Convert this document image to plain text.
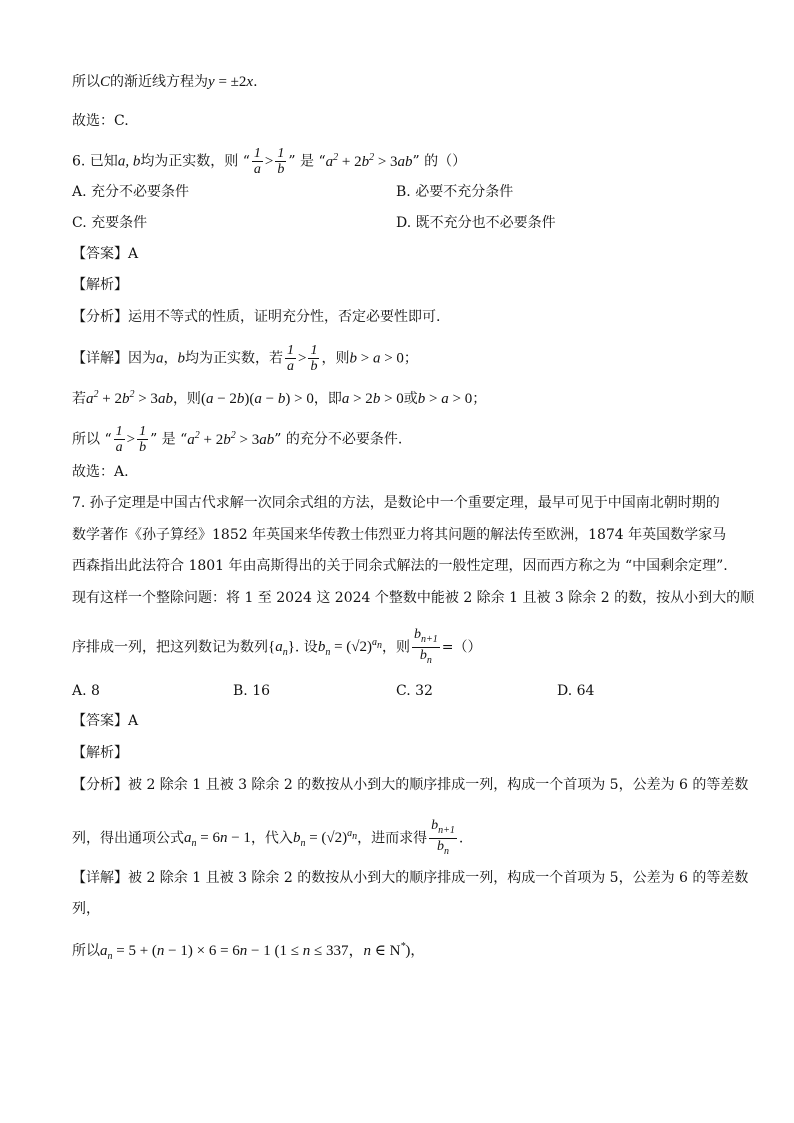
所以C的渐近线方程为y = ±2x.
故选：C.
6. 已知a, b均为正实数，则 “ $\frac{1}{a} > \frac{1}{b}$ ” 是 “$a^2 + 2b^2 > 3ab$” 的（）
A. 充分不必要条件	B. 必要不充分条件
C. 充要条件	D. 既不充分也不必要条件
【答案】A
【解析】
【分析】运用不等式的性质，证明充分性，否定必要性即可.
【详解】因为a，b均为正实数，若 $\frac{1}{a} > \frac{1}{b}$ ，则b > a > 0；
若$a^2 + 2b^2 > 3ab$，则(a − 2b)(a − b) > 0，即a > 2b > 0或b > a > 0；
所以 “ $\frac{1}{a} > \frac{1}{b}$ ” 是 “$a^2 + 2b^2 > 3ab$” 的充分不必要条件.
故选：A.
7. 孙子定理是中国古代求解一次同余式组的方法，是数论中一个重要定理，最早可见于中国南北朝时期的
数学著作《孙子算经》1852 年英国来华传教士伟烈亚力将其问题的解法传至欧洲，1874 年英国数学家马
西森指出此法符合 1801 年由高斯得出的关于同余式解法的一般性定理，因而西方称之为 “中国剩余定理”.
现有这样一个整除问题：将 1 至 2024 这 2024 个整数中能被 2 除余 1 且被 3 除余 2 的数，按从小到大的顺
序排成一列，把这列数记为数列$\{a_n\}$. 设$b_n = (√2)^{a_n}$，则 $\frac{b_{n+1}}{b_n}$ =（）
A. 8	B. 16	C. 32	D. 64
【答案】A
【解析】
【分析】被 2 除余 1 且被 3 除余 2 的数按从小到大的顺序排成一列，构成一个首项为 5，公差为 6 的等差数
列，得出通项公式$a_n = 6n - 1$，代入$b_n = (√2)^{a_n}$，进而求得 $\frac{b_{n+1}}{b_n}$ .
【详解】被 2 除余 1 且被 3 除余 2 的数按从小到大的顺序排成一列，构成一个首项为 5，公差为 6 的等差数
列，
所以$a_n = 5 + (n - 1) \times 6 = 6n - 1$ (1 ≤ n ≤ 337，n ∈ N*)，
